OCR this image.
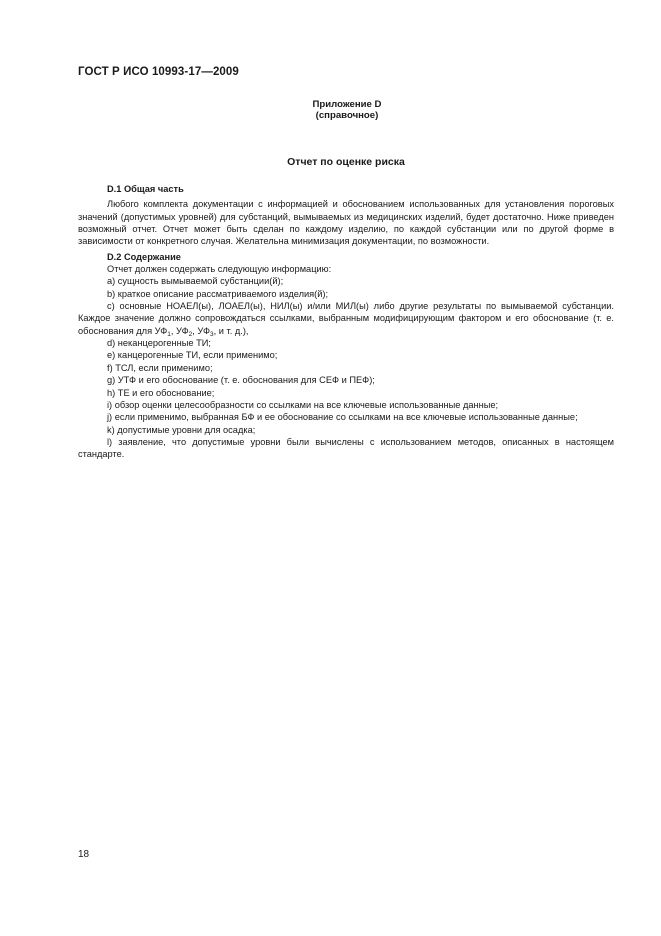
ГОСТ Р ИСО 10993-17—2009
Приложение D
(справочное)
Отчет по оценке риска

D.1 Общая часть

Любого комплекта документации с информацией и обоснованием использованных для установления пороговых значений (допустимых уровней) для субстанций, вымываемых из медицинских изделий, будет достаточно. Ниже приведен возможный отчет. Отчет может быть сделан по каждому изделию, по каждой субстанции или по другой форме в зависимости от конкретного случая. Желательна минимизация документации, по возможности.

D.2 Содержание

Отчет должен содержать следующую информацию:

a) сущность вымываемой субстанции(й);

b) краткое описание рассматриваемого изделия(й);

c) основные НОАЕЛ(ы), ЛОАЕЛ(ы), НИЛ(ы) и/или МИЛ(ы) либо другие результаты по вымываемой субстанции. Каждое значение должно сопровождаться ссылками, выбранным модифицирующим фактором и его обоснование (т. е. обоснования для $УФ_1$, $УФ_2$, $УФ_3$, и т. д.),

d) неканцерогенные ТИ;

e) канцерогенные ТИ, если применимо;

f) ТСЛ, если применимо;

g) УТФ и его обоснование (т. е. обоснования для СЕФ и ПЕФ);

h) ТЕ и его обоснование;

i) обзор оценки целесообразности со ссылками на все ключевые использованные данные;

j) если применимо, выбранная БФ и ее обоснование со ссылками на все ключевые использованные данные;

k) допустимые уровни для осадка;

l) заявление, что допустимые уровни были вычислены с использованием методов, описанных в настоящем стандарте.

18
